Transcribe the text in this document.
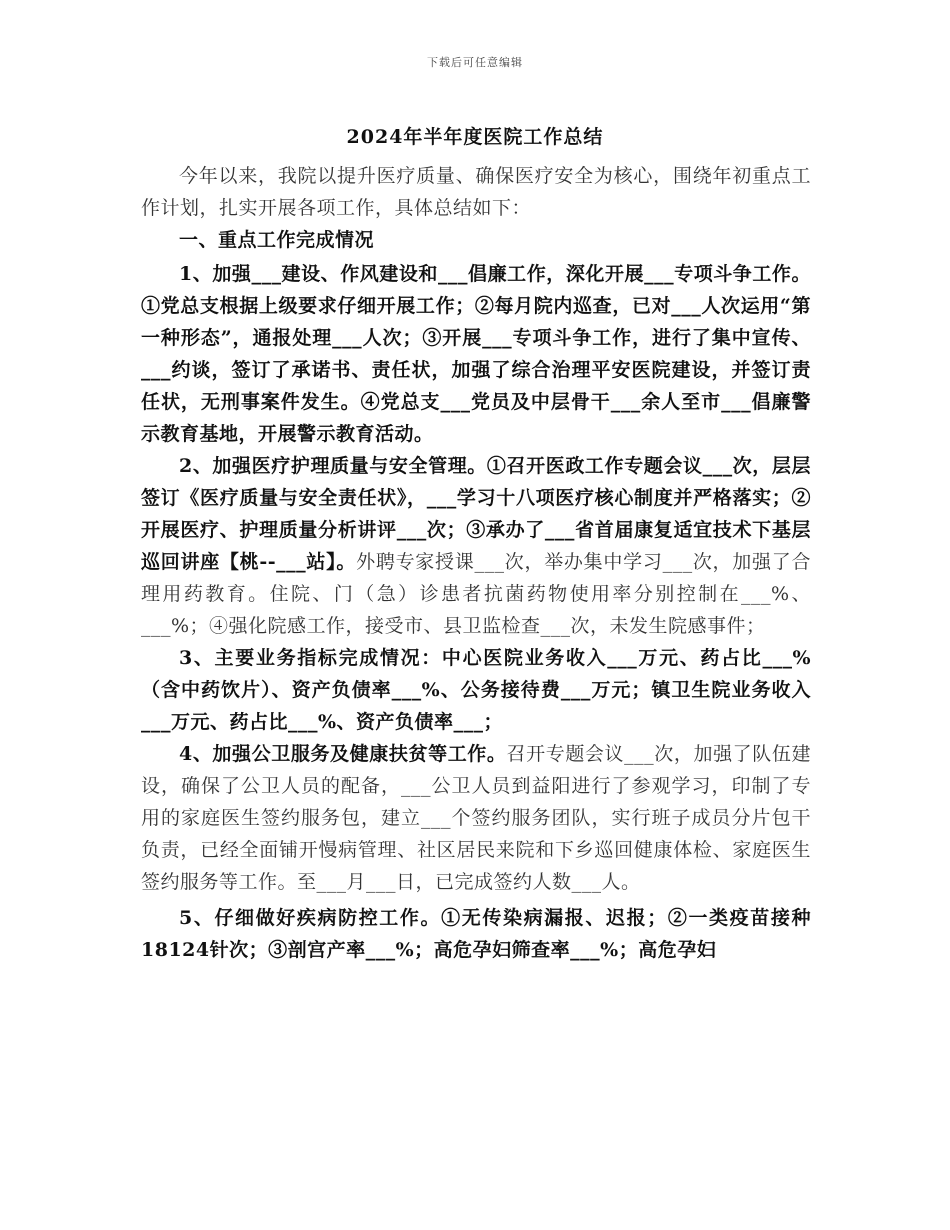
下载后可任意编辑
2024年半年度医院工作总结

今年以来，我院以提升医疗质量、确保医疗安全为核心，围绕年初重点工作计划，扎实开展各项工作，具体总结如下：

一、重点工作完成情况

1、加强___建设、作风建设和___倡廉工作，深化开展___专项斗争工作。①党总支根据上级要求仔细开展工作；②每月院内巡查，已对___人次运用“第一种形态”，通报处理___人次；③开展___专项斗争工作，进行了集中宣传、___约谈，签订了承诺书、责任状，加强了综合治理平安医院建设，并签订责任状，无刑事案件发生。④党总支___党员及中层骨干___余人至市___倡廉警示教育基地，开展警示教育活动。

2、加强医疗护理质量与安全管理。①召开医政工作专题会议___次，层层签订《医疗质量与安全责任状》，___学习十八项医疗核心制度并严格落实；②开展医疗、护理质量分析讲评___次；③承办了___省首届康复适宜技术下基层巡回讲座【桃--___站】。外聘专家授课___次，举办集中学习___次，加强了合理用药教育。住院、门（急）诊患者抗菌药物使用率分别控制在___%、___%；④强化院感工作，接受市、县卫监检查___次，未发生院感事件；

3、主要业务指标完成情况：中心医院业务收入___万元、药占比___%（含中药饮片）、资产负债率___%、公务接待费___万元；镇卫生院业务收入___万元、药占比___%、资产负债率___；

4、加强公卫服务及健康扶贫等工作。召开专题会议___次，加强了队伍建设，确保了公卫人员的配备，___公卫人员到益阳进行了参观学习，印制了专用的家庭医生签约服务包，建立___个签约服务团队，实行班子成员分片包干负责，已经全面铺开慢病管理、社区居民来院和下乡巡回健康体检、家庭医生签约服务等工作。至___月___日，已完成签约人数___人。

5、仔细做好疾病防控工作。①无传染病漏报、迟报；②一类疫苗接种18124针次；③剖宫产率___%；高危孕妇筛查率___%；高危孕妇
